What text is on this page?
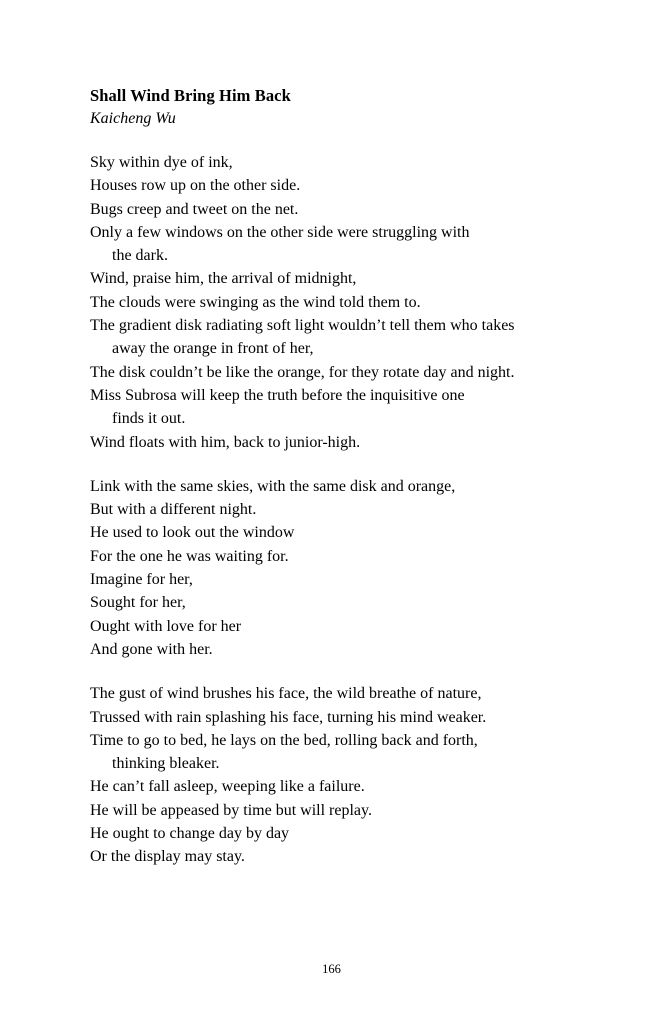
Shall Wind Bring Him Back
Kaicheng Wu
Sky within dye of ink,
Houses row up on the other side.
Bugs creep and tweet on the net.
Only a few windows on the other side were struggling with
the dark.
Wind, praise him, the arrival of midnight,
The clouds were swinging as the wind told them to.
The gradient disk radiating soft light wouldn’t tell them who takes
away the orange in front of her,
The disk couldn’t be like the orange, for they rotate day and night.
Miss Subrosa will keep the truth before the inquisitive one
finds it out.
Wind floats with him, back to junior-high.
Link with the same skies, with the same disk and orange,
But with a different night.
He used to look out the window
For the one he was waiting for.
Imagine for her,
Sought for her,
Ought with love for her
And gone with her.
The gust of wind brushes his face, the wild breathe of nature,
Trussed with rain splashing his face, turning his mind weaker.
Time to go to bed, he lays on the bed, rolling back and forth,
thinking bleaker.
He can’t fall asleep, weeping like a failure.
He will be appeased by time but will replay.
He ought to change day by day
Or the display may stay.
166
